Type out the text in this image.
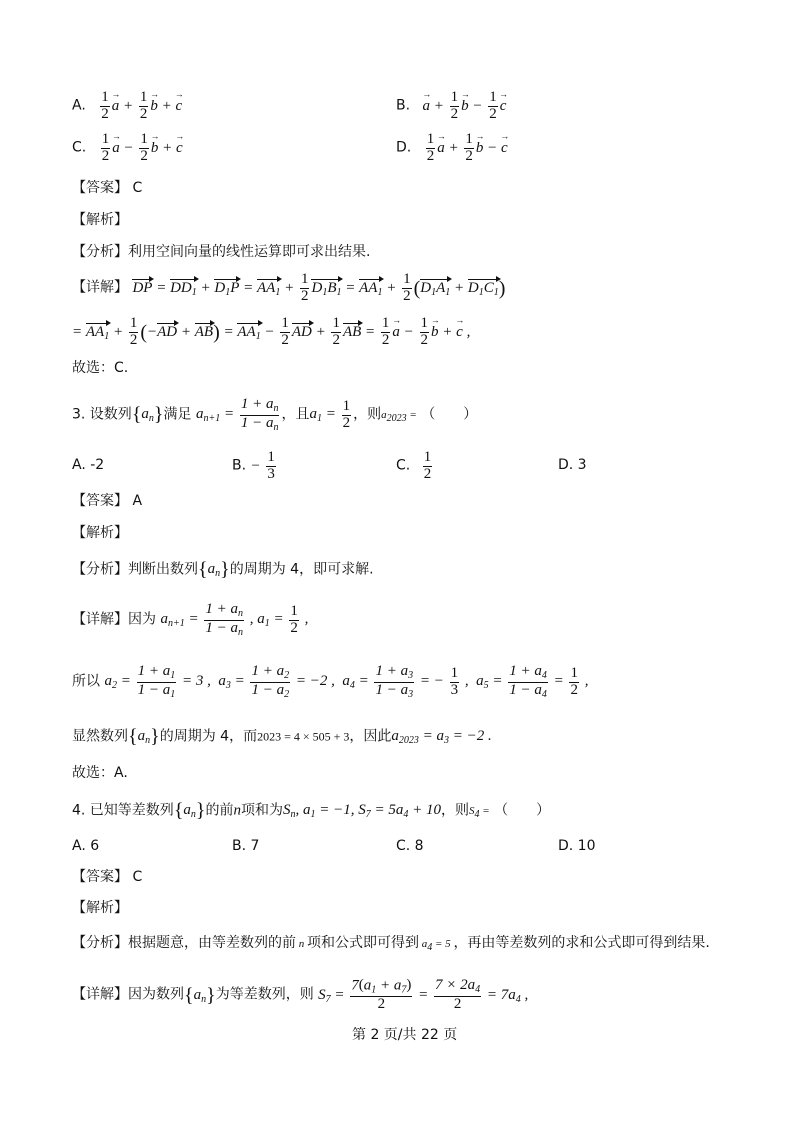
A. $\frac{1}{2}$ a → + $\frac{1}{2}$ b → + c →	B. a → + $\frac{1}{2}$ b → − $\frac{1}{2}$ c →
C. $\frac{1}{2}$ a → − $\frac{1}{2}$ b → + c →	D. $\frac{1}{2}$ a → + $\frac{1}{2}$ b → − c →
【答案】 C
【解析】
【分析】利用空间向量的线性运算即可求出结果.
【详解】 DP = $DD_1 + D_1P = AA_1 + \frac{1}{2} D_1B_1 = AA_1 + \frac{1}{2} (D_1A_1 + D_1C_1)$
= $AA_1 + \frac{1}{2} (-AD + AB) = AA_1 - \frac{1}{2}$ AD + $\frac{1}{2}$ AB = $\frac{1}{2}$ a → − $\frac{1}{2}$ b → + c → ,
故选：C.
3. 设数列$\{a_n\}$满足 $a_{n+1} = \frac{1 + a_n}{1 - a_n}$ ，且$a_1 = \frac{1}{2}$ ，则a2023 = （　　）
A. -2	B. − $\frac{1}{3}$	C. $\frac{1}{2}$	D. 3
【答案】 A
【解析】
【分析】判断出数列$\{a_n\}$的周期为 4，即可求解.
【详解】因为 $a_{n+1} = \frac{1 + a_n}{1 - a_n}$ , $a_1 = \frac{1}{2}$ ,
所以 $a_2 = \frac{1 + a_1}{1 - a_1} = 3$ ,  $a_3 = \frac{1 + a_2}{1 - a_2} = -2$ ,  $a_4 = \frac{1 + a_3}{1 - a_3}$ = − $\frac{1}{3}$ ,  $a_5 = \frac{1 + a_4}{1 - a_4} = \frac{1}{2}$ ,
显然数列$\{a_n\}$的周期为 4，而2023 = 4 × 505 + 3，因此$a_{2023} = a_3 = -2$ .
故选：A.
4. 已知等差数列$\{a_n\}$的前n项和为$S_n$, $a_1 = -1$, $S_7 = 5a_4 + 10$，则S4 = （　　）
A. 6	B. 7	C. 8	D. 10
【答案】 C
【解析】
【分析】根据题意，由等差数列的前 n 项和公式即可得到 a4 = 5 ，再由等差数列的求和公式即可得到结果.
【详解】因为数列$\{a_n\}$为等差数列，则 $S_7 = \frac{7(a_1 + a_7)}{2} = \frac{7 \times 2a_4}{2} = 7a_4$ ,
第 2 页/共 22 页
